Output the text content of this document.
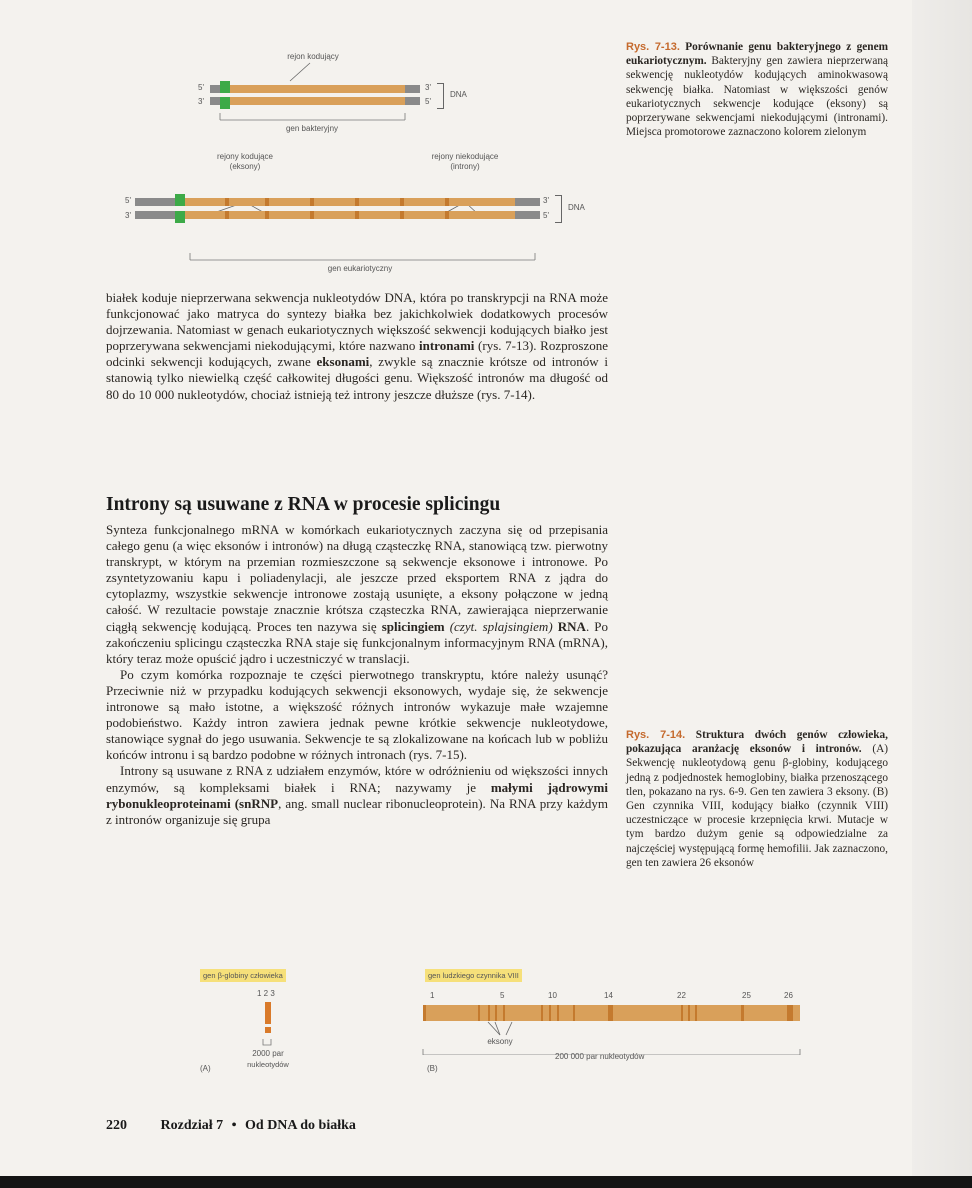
rejon kodujący
5'
3'
3'
5'
DNA
gen bakteryjny
rejony kodujące
(eksony)
rejony niekodujące
(introny)
5'
3'
3'
5'
DNA
gen eukariotyczny
Rys. 7-13. Porównanie genu bakteryjnego z genem eukariotycznym. Bakteryjny gen zawiera nieprzerwaną sekwencję nukleotydów kodujących aminokwasową sekwencję białka. Natomiast w większości genów eukariotycznych sekwencje kodujące (eksony) są poprzerywane sekwencjami niekodującymi (intronami). Miejsca promotorowe zaznaczono kolorem zielonym

białek koduje nieprzerwana sekwencja nukleotydów DNA, która po transkrypcji na RNA może funkcjonować jako matryca do syntezy białka bez jakichkolwiek dodatkowych procesów dojrzewania. Natomiast w genach eukariotycznych większość sekwencji kodujących białko jest poprzerywana sekwencjami niekodującymi, które nazwano intronami (rys. 7-13). Rozproszone odcinki sekwencji kodujących, zwane eksonami, zwykle są znacznie krótsze od intronów i stanowią tylko niewielką część całkowitej długości genu. Większość intronów ma długość od 80 do 10 000 nukleotydów, chociaż istnieją też introny jeszcze dłuższe (rys. 7-14).

Introny są usuwane z RNA w procesie splicingu

Synteza funkcjonalnego mRNA w komórkach eukariotycznych zaczyna się od przepisania całego genu (a więc eksonów i intronów) na długą cząsteczkę RNA, stanowiącą tzw. pierwotny transkrypt, w którym na przemian rozmieszczone są sekwencje eksonowe i intronowe. Po zsyntetyzowaniu kapu i poliadenylacji, ale jeszcze przed eksportem RNA z jądra do cytoplazmy, wszystkie sekwencje intronowe zostają usunięte, a eksony połączone w jedną całość. W rezultacie powstaje znacznie krótsza cząsteczka RNA, zawierająca nieprzerwanie ciągłą sekwencję kodującą. Proces ten nazywa się splicingiem (czyt. splajsingiem) RNA. Po zakończeniu splicingu cząsteczka RNA staje się funkcjonalnym informacyjnym RNA (mRNA), który teraz może opuścić jądro i uczestniczyć w translacji.

Po czym komórka rozpoznaje te części pierwotnego transkryptu, które należy usunąć? Przeciwnie niż w przypadku kodujących sekwencji eksonowych, wydaje się, że sekwencje intronowe są mało istotne, a większość różnych intronów wykazuje małe wzajemne podobieństwo. Każdy intron zawiera jednak pewne krótkie sekwencje nukleotydowe, stanowiące sygnał do jego usuwania. Sekwencje te są zlokalizowane na końcach lub w pobliżu końców intronu i są bardzo podobne w różnych intronach (rys. 7-15).

Introny są usuwane z RNA z udziałem enzymów, które w odróżnieniu od większości innych enzymów, są kompleksami białek i RNA; nazywamy je małymi jądrowymi rybonukleoproteinami (snRNP, ang. small nuclear ribonucleoprotein). Na RNA przy każdym z intronów organizuje się grupa

Rys. 7-14. Struktura dwóch genów człowieka, pokazująca aranżację eksonów i intronów. (A) Sekwencję nukleotydową genu β-globiny, kodującego jedną z podjednostek hemoglobiny, białka przenoszącego tlen, pokazano na rys. 6-9. Gen ten zawiera 3 eksony. (B) Gen czynnika VIII, kodujący białko (czynnik VIII) uczestniczące w procesie krzepnięcia krwi. Mutacje w tym bardzo dużym genie są odpowiedzialne za najczęściej występującą formę hemofilii. Jak zaznaczono, gen ten zawiera 26 eksonów
gen β-globiny człowieka
1 2 3
2000 par
gen ludzkiego czynnika VIII
1	5	10	14	22	25	26
eksony
nukleotydów
(A)
200 000 par nukleotydów
(B)
220 Rozdział 7 • Od DNA do białka
